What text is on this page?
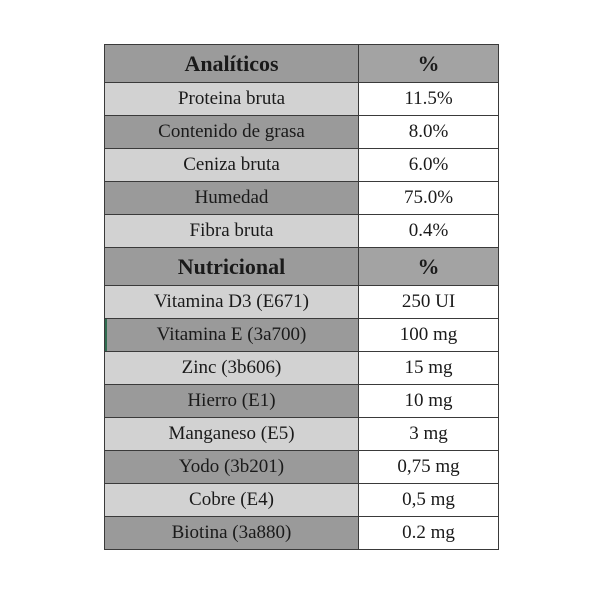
Analíticos	%
Proteina bruta	11.5%
Contenido de grasa	8.0%
Ceniza bruta	6.0%
Humedad	75.0%
Fibra bruta	0.4%
Nutricional	%
Vitamina D3 (E671)	250 UI
Vitamina E (3a700)	100 mg
Zinc (3b606)	15 mg
Hierro (E1)	10 mg
Manganeso (E5)	3 mg
Yodo (3b201)	0,75 mg
Cobre (E4)	0,5 mg
Biotina (3a880)	0.2 mg
